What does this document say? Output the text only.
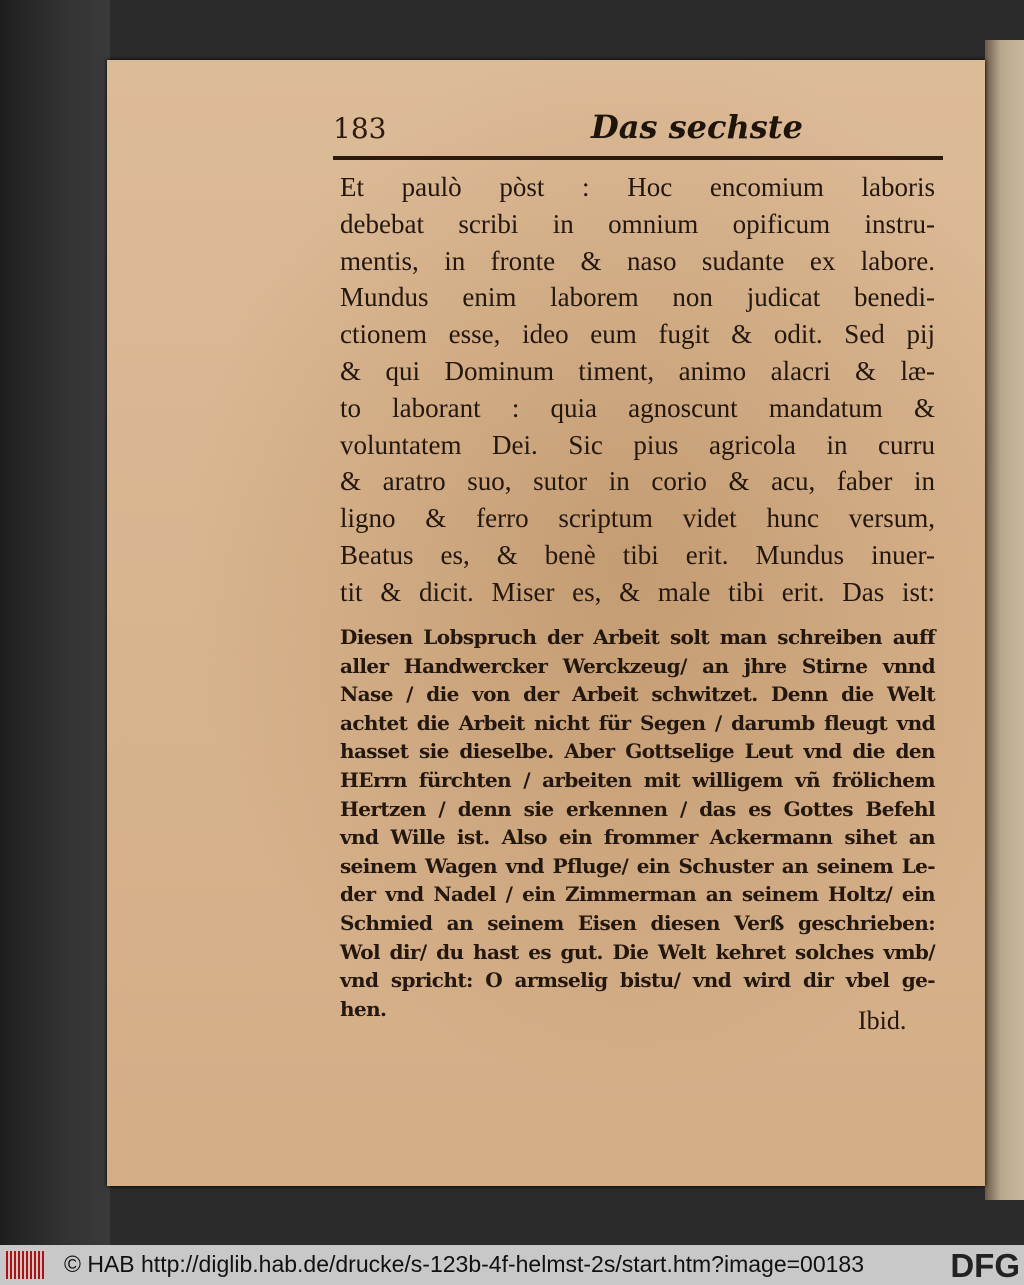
183	Das sechste
Et paulò pòst : Hoc encomium laboris
debebat scribi in omnium opificum instru-
mentis, in fronte & naso sudante ex labore.
Mundus enim laborem non judicat benedi-
ctionem esse, ideo eum fugit & odit. Sed pij
& qui Dominum timent, animo alacri & læ-
to laborant : quia agnoscunt mandatum &
voluntatem Dei. Sic pius agricola in curru
& aratro suo, sutor in corio & acu, faber in
ligno & ferro scriptum videt hunc versum,
Beatus es, & benè tibi erit. Mundus inuer-
tit & dicit. Miser es, & male tibi erit. Das ist:
Diesen Lobspruch der Arbeit solt man schreiben auff
aller Handwercker Werckzeug/ an jhre Stirne vnnd
Nase / die von der Arbeit schwitzet. Denn die Welt
achtet die Arbeit nicht für Segen / darumb fleugt vnd
hasset sie dieselbe. Aber Gottselige Leut vnd die den
HErrn fürchten / arbeiten mit willigem vñ frölichem
Hertzen / denn sie erkennen / das es Gottes Befehl
vnd Wille ist. Also ein frommer Ackermann sihet an
seinem Wagen vnd Pfluge/ ein Schuster an seinem Le-
der vnd Nadel / ein Zimmerman an seinem Holtz/ ein
Schmied an seinem Eisen diesen Verß geschrieben:
Wol dir/ du hast es gut. Die Welt kehret solches vmb/
vnd spricht: O armselig bistu/ vnd wird dir vbel ge-
hen.	Ibid.
© HAB http://diglib.hab.de/drucke/s-123b-4f-helmst-2s/start.htm?image=00183	DFG
